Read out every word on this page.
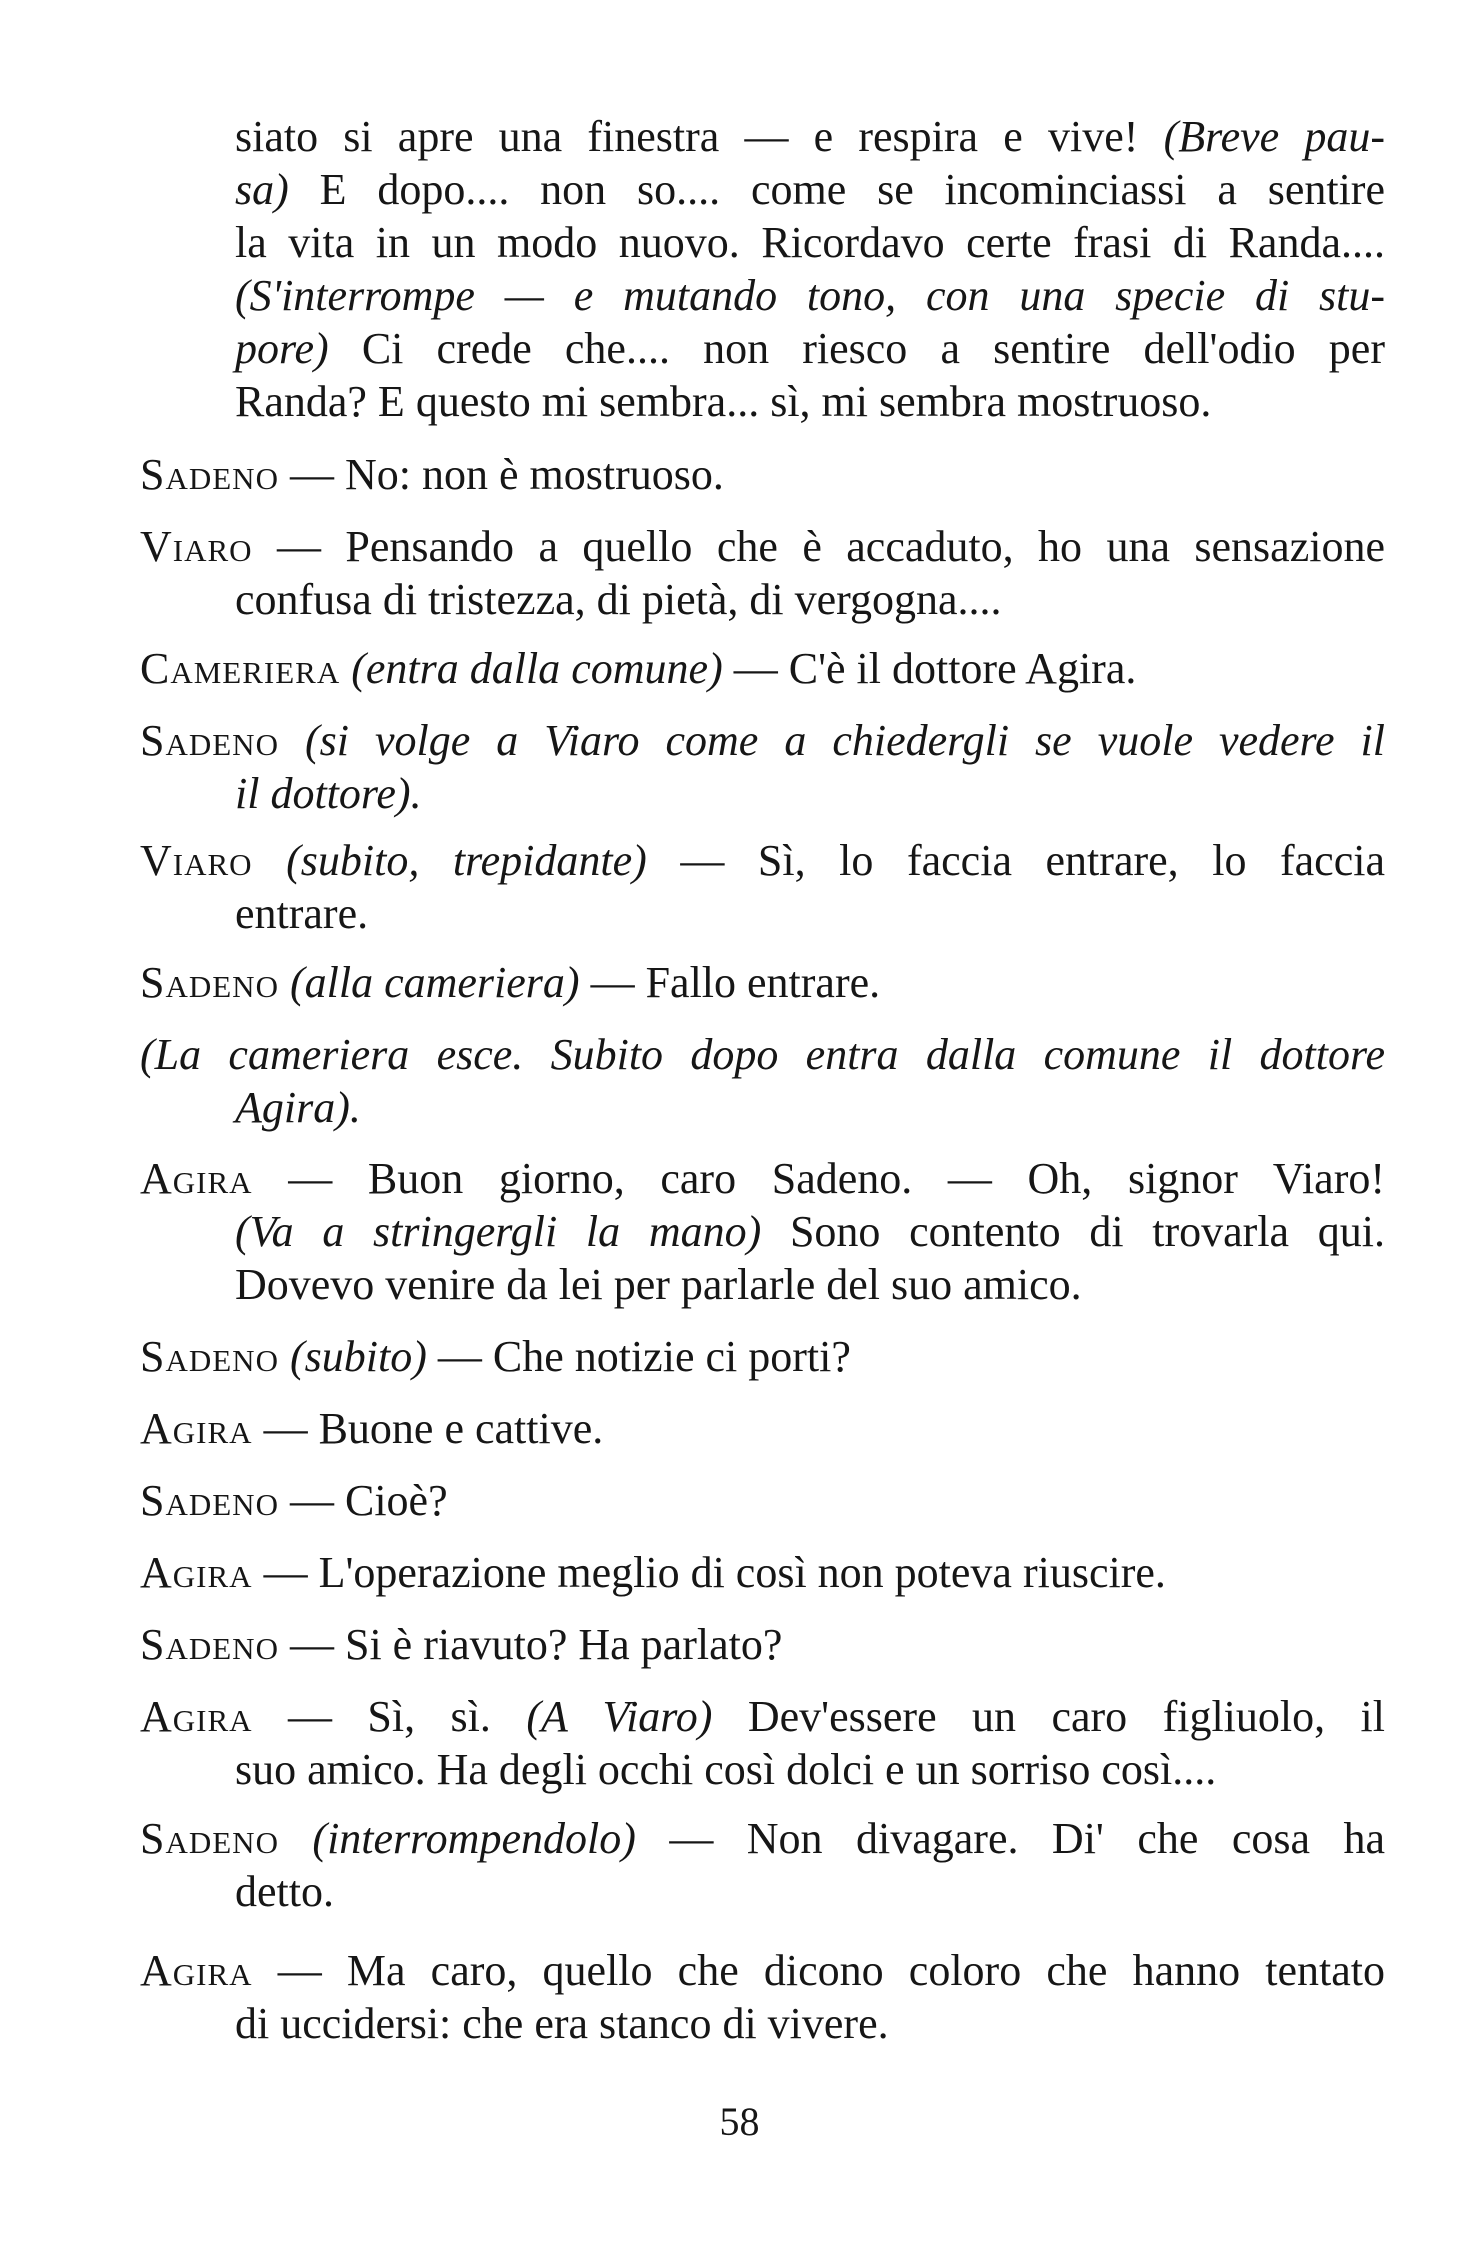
siato si apre una finestra — e respira e vive! (Breve pau-
sa) E dopo.... non so.... come se incominciassi a sentire
la vita in un modo nuovo. Ricordavo certe frasi di Randa....
(S'interrompe — e mutando tono, con una specie di stu-
pore) Ci crede che.... non riesco a sentire dell'odio per
Randa? E questo mi sembra... sì, mi sembra mostruoso.
Sadeno — No: non è mostruoso.
Viaro — Pensando a quello che è accaduto, ho una sensazione
confusa di tristezza, di pietà, di vergogna....
Cameriera (entra dalla comune) — C'è il dottore Agira.
Sadeno (si volge a Viaro come a chiedergli se vuole vedere il
il dottore).
Viaro (subito, trepidante) — Sì, lo faccia entrare, lo faccia
entrare.
Sadeno (alla cameriera) — Fallo entrare.
(La cameriera esce. Subito dopo entra dalla comune il dottore
Agira).
Agira — Buon giorno, caro Sadeno. — Oh, signor Viaro!
(Va a stringergli la mano) Sono contento di trovarla qui.
Dovevo venire da lei per parlarle del suo amico.
Sadeno (subito) — Che notizie ci porti?
Agira — Buone e cattive.
Sadeno — Cioè?
Agira — L'operazione meglio di così non poteva riuscire.
Sadeno — Si è riavuto? Ha parlato?
Agira — Sì, sì. (A Viaro) Dev'essere un caro figliuolo, il
suo amico. Ha degli occhi così dolci e un sorriso così....
Sadeno (interrompendolo) — Non divagare. Di' che cosa ha
detto.
Agira — Ma caro, quello che dicono coloro che hanno tentato
di uccidersi: che era stanco di vivere.
58
